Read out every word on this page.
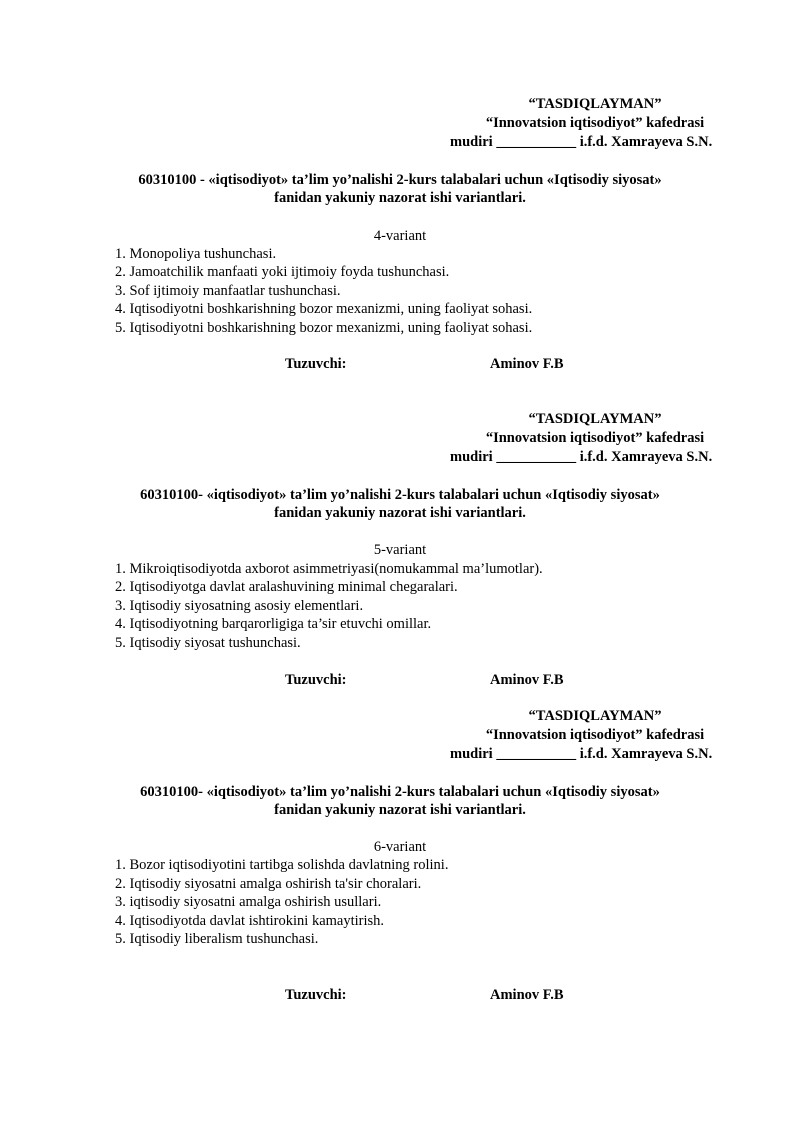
“TASDIQLAYMAN”
“Innovatsion iqtisodiyot” kafedrasi
mudiri ___________ i.f.d. Xamrayeva S.N.
60310100 - «iqtisodiyot» ta’lim yo’nalishi 2-kurs talabalari uchun «Iqtisodiy siyosat»
fanidan yakuniy nazorat ishi variantlari.
4-variant
1. Monopoliya tushunchasi.
2. Jamoatchilik manfaati yoki ijtimoiy foyda tushunchasi.
3. Sof ijtimoiy manfaatlar tushunchasi.
4. Iqtisodiyotni boshkarishning bozor mexanizmi, uning faoliyat sohasi.
5. Iqtisodiyotni boshkarishning bozor mexanizmi, uning faoliyat sohasi.
Tuzuvchi:	Aminov F.B
“TASDIQLAYMAN”
“Innovatsion iqtisodiyot” kafedrasi
mudiri ___________ i.f.d. Xamrayeva S.N.
60310100- «iqtisodiyot» ta’lim yo’nalishi 2-kurs talabalari uchun «Iqtisodiy siyosat»
fanidan yakuniy nazorat ishi variantlari.
5-variant
1. Mikroiqtisodiyotda axborot asimmetriyasi(nomukammal ma’lumotlar).
2. Iqtisodiyotga davlat aralashuvining minimal chegaralari.
3. Iqtisodiy siyosatning asosiy elementlari.
4. Iqtisodiyotning barqarorligiga ta’sir etuvchi omillar.
5. Iqtisodiy siyosat tushunchasi.
Tuzuvchi:	Aminov F.B
“TASDIQLAYMAN”
“Innovatsion iqtisodiyot” kafedrasi
mudiri ___________ i.f.d. Xamrayeva S.N.
60310100- «iqtisodiyot» ta’lim yo’nalishi 2-kurs talabalari uchun «Iqtisodiy siyosat»
fanidan yakuniy nazorat ishi variantlari.
6-variant
1. Bozor iqtisodiyotini tartibga solishda davlatning rolini.
2. Iqtisodiy siyosatni amalga oshirish ta'sir choralari.
3. iqtisodiy siyosatni amalga oshirish usullari.
4. Iqtisodiyotda davlat ishtirokini kamaytirish.
5. Iqtisodiy liberalism tushunchasi.
Tuzuvchi:	Aminov F.B
